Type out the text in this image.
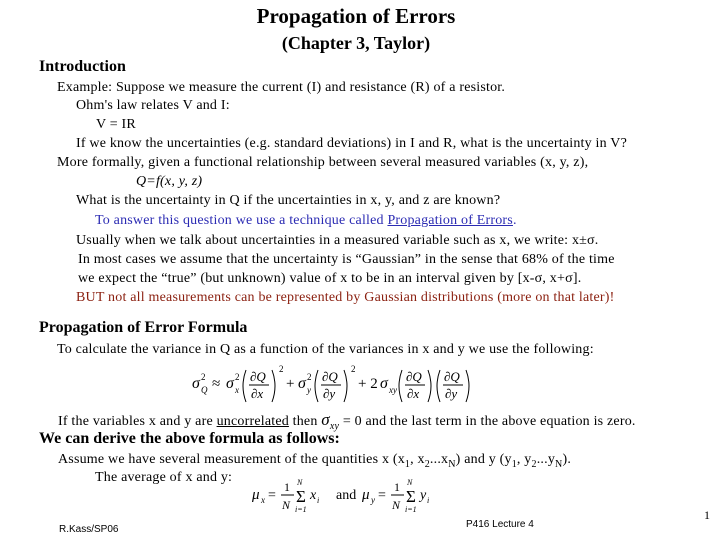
Propagation of Errors
(Chapter 3, Taylor)
Introduction
Example: Suppose we measure the current (I) and resistance (R) of a resistor.
Ohm's law relates V and I:
V = IR
If we know the uncertainties (e.g. standard deviations) in I and R, what is the uncertainty in V?
More formally, given a functional relationship between several measured variables (x, y, z),
Q=f(x, y, z)
What is the uncertainty in Q if the uncertainties in x, y, and z are known?
To answer this question we use a technique called Propagation of Errors.
Usually when we talk about uncertainties in a measured variable such as x, we write: x±σ.
In most cases we assume that the uncertainty is “Gaussian” in the sense that 68% of the time
we expect the “true” (but unknown) value of x to be in an interval given by [x-σ, x+σ].
BUT not all measurements can be represented by Gaussian distributions (more on that later)!
Propagation of Error Formula
To calculate the variance in Q as a function of the variances in x and y we use the following:
σ 2
Q ≈ σ 2
x
∂Q
∂x
2
+ σ 2
y
∂Q
∂y
2
+ 2 σ xy
∂Q
∂x
∂Q
∂y
If the variables x and y are uncorrelated then $\sigma_{xy} = 0$ and the last term in the above equation is zero.
We can derive the above formula as follows:
Assume we have several measurement of the quantities x ($x_1$, $x_2...x_N$) and y ($y_1$, $y_2...y_N$).
The average of x and y:
μ x =
1
N
N
Σ
i=1
x i and μ y =
1
N
N
Σ
i=1
y i
R.Kass/SP06	P416 Lecture 4
1
